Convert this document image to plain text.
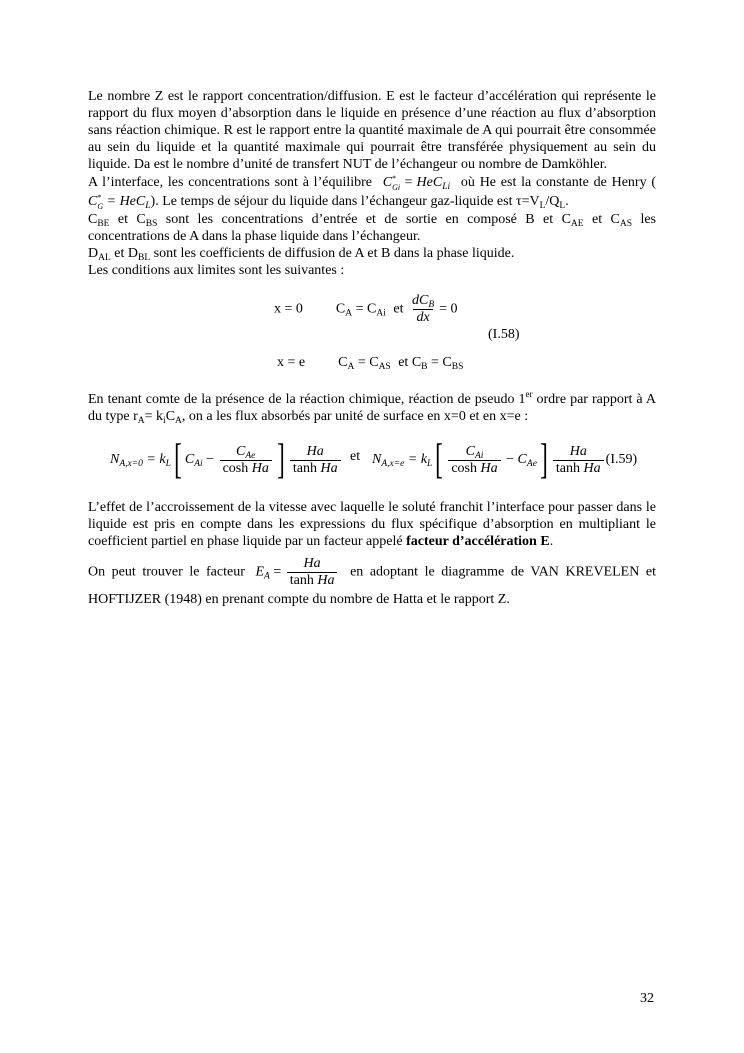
Le nombre Z est le rapport concentration/diffusion. E est le facteur d’accélération qui représente le rapport du flux moyen d’absorption dans le liquide en présence d’une réaction au flux d’absorption sans réaction chimique. R est le rapport entre la quantité maximale de A qui pourrait être consommée au sein du liquide et la quantité maximale qui pourrait être transférée physiquement au sein du liquide. Da est le nombre d’unité de transfert NUT de l’échangeur ou nombre de Damköhler.

A l’interface, les concentrations sont à l’équilibre C *
Gi = HeC$_{Li}$ où He est la constante de Henry (C *
G = HeC$_L$). Le temps de séjour du liquide dans l’échangeur gaz-liquide est $\tau=V_L/Q_L$.

$C_{BE}$ et $C_{BS}$ sont les concentrations d’entrée et de sortie en composé B et $C_{AE}$ et $C_{AS}$ les concentrations de A dans la phase liquide dans l’échangeur.

$D_{AL}$ et $D_{BL}$ sont les coefficients de diffusion de A et B dans la phase liquide.

Les conditions aux limites sont les suivantes :

x = 0 $C_A = C_{Ai}$ et $\frac{dC_B}{dx} = 0$
(I.58)
x = e $C_A = C_{AS}$ et $C_B = C_{BS}$

En tenant comte de la présence de la réaction chimique, réaction de pseudo 1er ordre par rapport à A du type $r_A= k_iC_A$, on a les flux absorbés par unité de surface en x=0 et en x=e :

$N_{A,x=0} = k_L$[ $C_{Ai} - \frac{C_{Ae}}{\text{cosh Ha}}$ ] $\frac{Ha}{\text{tanh Ha}}$ et $N_{A,x=e} = k_L[ \frac{C_{Ai}}{\text{cosh Ha}} - C_{Ae}] \frac{Ha}{\text{tanh Ha}} (I.59)$

L’effet de l’accroissement de la vitesse avec laquelle le soluté franchit l’interface pour passer dans le liquide est pris en compte dans les expressions du flux spécifique d’absorption en multipliant le coefficient partiel en phase liquide par un facteur appelé facteur d’accélération E.

On peut trouver le facteur $E_A = \frac{Ha}{\text{tanh Ha}}$ en adoptant le diagramme de VAN KREVELEN et HOFTIJZER (1948) en prenant compte du nombre de Hatta et le rapport Z.

32
